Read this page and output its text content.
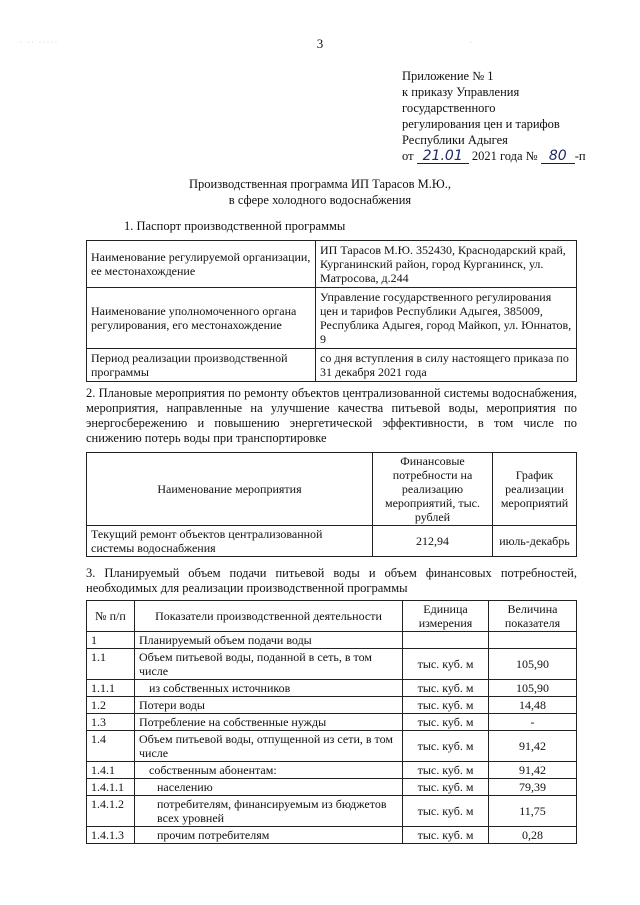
· ·· ·····	·
3
Приложение № 1
к приказу Управления
государственного
регулирования цен и тарифов
Республики Адыгея
от 21.01 2021 года № 80 -п
Производственная программа ИП Тарасов М.Ю.,
в сфере холодного водоснабжения
1. Паспорт производственной программы
Наименование регулируемой организации, ее местонахождение	ИП Тарасов М.Ю. 352430, Краснодарский край, Курганинский район, город Курганинск, ул. Матросова, д.244
Наименование уполномоченного органа регулирования, его местонахождение	Управление государственного регулирования цен и тарифов Республики Адыгея, 385009, Республика Адыгея, город Майкоп, ул. Юннатов, 9
Период реализации производственной программы	со дня вступления в силу настоящего приказа по 31 декабря 2021 года
2. Плановые мероприятия по ремонту объектов централизованной системы водоснабжения, мероприятия, направленные на улучшение качества питьевой воды, мероприятия по энергосбережению и повышению энергетической эффективности, в том числе по снижению потерь воды при транспортировке
Наименование мероприятия	Финансовые потребности на реализацию мероприятий, тыс. рублей	График реализации мероприятий
Текущий ремонт объектов централизованной системы водоснабжения	212,94	июль-декабрь
3. Планируемый объем подачи питьевой воды и объем финансовых потребностей, необходимых для реализации производственной программы
№ п/п	Показатели производственной деятельности	Единица измерения	Величина показателя
1	Планируемый объем подачи воды		
1.1	Объем питьевой воды, поданной в сеть, в том числе	тыс. куб. м	105,90
1.1.1	из собственных источников	тыс. куб. м	105,90
1.2	Потери воды	тыс. куб. м	14,48
1.3	Потребление на собственные нужды	тыс. куб. м	-
1.4	Объем питьевой воды, отпущенной из сети, в том числе	тыс. куб. м	91,42
1.4.1	собственным абонентам:	тыс. куб. м	91,42
1.4.1.1	населению	тыс. куб. м	79,39
1.4.1.2	потребителям, финансируемым из бюджетов всех уровней	тыс. куб. м	11,75
1.4.1.3	прочим потребителям	тыс. куб. м	0,28
